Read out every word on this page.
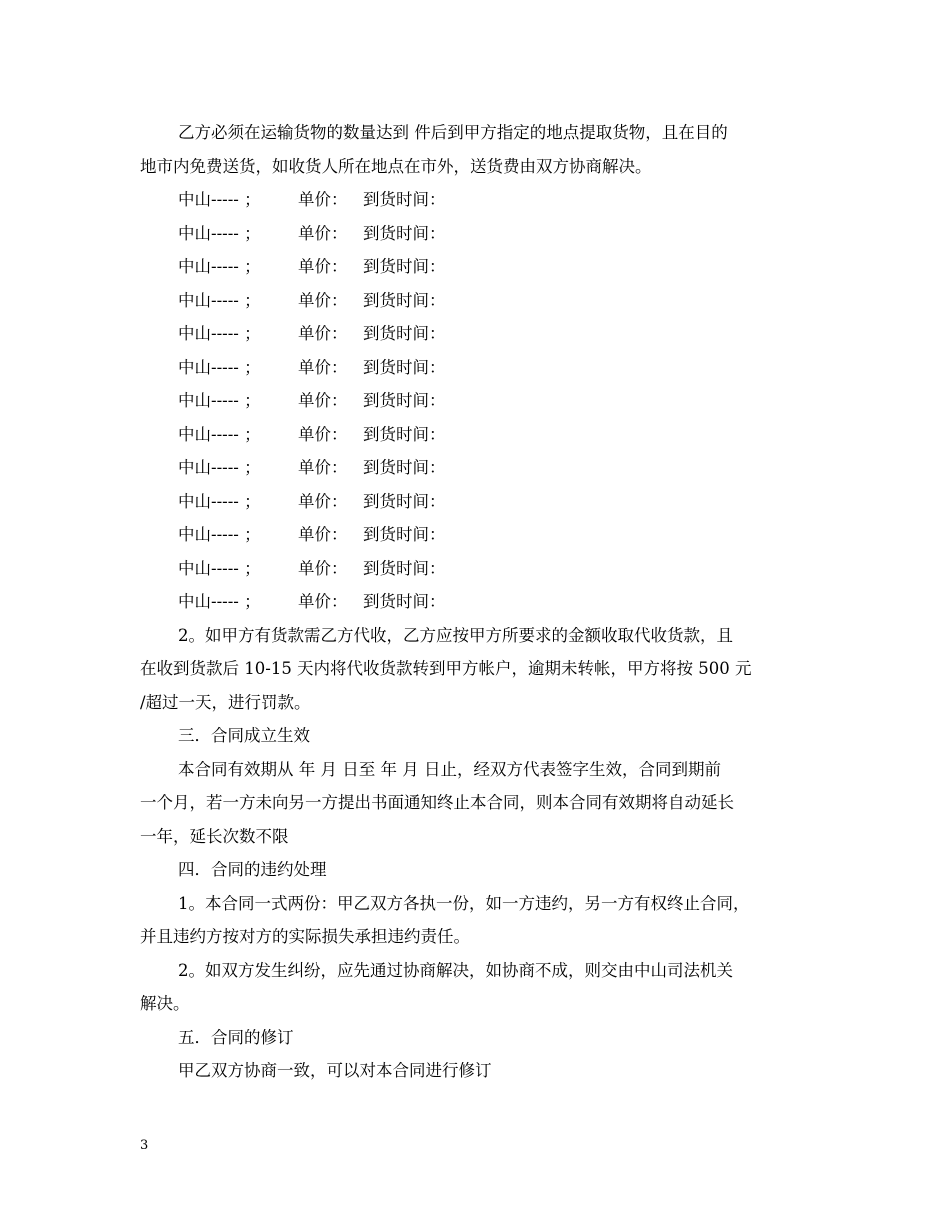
乙方必须在运输货物的数量达到 件后到甲方指定的地点提取货物，且在目的
地市内免费送货，如收货人所在地点在市外，送货费由双方协商解决。
中山----- ； 单价： 到货时间：
中山----- ； 单价： 到货时间：
中山----- ； 单价： 到货时间：
中山----- ； 单价： 到货时间：
中山----- ； 单价： 到货时间：
中山----- ； 单价： 到货时间：
中山----- ； 单价： 到货时间：
中山----- ； 单价： 到货时间：
中山----- ； 单价： 到货时间：
中山----- ； 单价： 到货时间：
中山----- ； 单价： 到货时间：
中山----- ； 单价： 到货时间：
中山----- ； 单价： 到货时间：
2。如甲方有货款需乙方代收，乙方应按甲方所要求的金额收取代收货款，且
在收到货款后 10-15 天内将代收货款转到甲方帐户，逾期未转帐，甲方将按 500 元
/超过一天，进行罚款。
三．合同成立生效
本合同有效期从 年 月 日至 年 月 日止，经双方代表签字生效，合同到期前
一个月，若一方未向另一方提出书面通知终止本合同，则本合同有效期将自动延长
一年，延长次数不限
四．合同的违约处理
1。本合同一式两份：甲乙双方各执一份，如一方违约，另一方有权终止合同，
并且违约方按对方的实际损失承担违约责任。
2。如双方发生纠纷，应先通过协商解决，如协商不成，则交由中山司法机关
解决。
五．合同的修订
甲乙双方协商一致，可以对本合同进行修订
3
